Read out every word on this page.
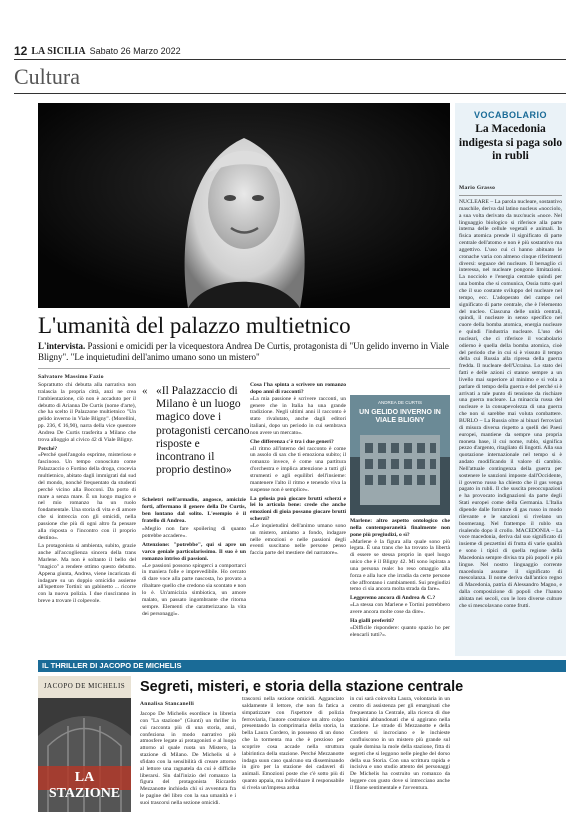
12 LA SICILIA Sabato 26 Marzo 2022
Cultura
VOCABOLARIO
La Macedonia indigesta si paga solo in rubli
Mario Grasso
NUCLEARE – La parola nucleare, sostantivo maschile, deriva dal latino nucleus «nocciolo, a sua volta derivato da nux/nucis «noce. Nel linguaggio biologico si riferisce alla parte interna delle cellule vegetali e animali. In fisica atomica prende il significato di parte centrale dell'atomo e non è più sostantivo ma aggettivo. L'uso cui ci hanno abituato le cronache varia con almeno cinque riferimenti diversi: seguace del nucleare. Il bersaglio ci interessa, nel nucleare pongono limitazioni. La nocciolo e l'energia centrale quindi per una bomba che si comunica, Ossia tutto quel che il suo costante sviluppo del nucleare nel tempo, ecc. L'adoperato del campo nel significato di parte centrale, che è l'elemento del nucleo. Ciascuna delle unità centrali, quindi, il nucleare in senso specifico nel cuore della bomba atomica, energia nucleare e quindi l'industria nucleare. L'uso dei nucleari, che ci riferisce il vocabolario odierno è quella della bomba atomica, cioè del periodo che in cui si è vissuto il tempo della cui Russia alla ripresa della guerra fredda. Il nucleare dell'Ucraina. Lo stato dei fatti e delle azioni ci stanno sempre a un livello mai superiore al minimo e si vola a parlare di tempo della guerra e del perché si è arrivati a tale punto di tensione da rischiare una guerra nucleare. La minaccia russa del nucleare e la consapevolezza di una guerra che non si sarebbe mai voluta combattere. BURLO – La Russia oltre ai binari ferroviari di misura diversa rispetto a quelli dei Paesi europei, mantiene da sempre una propria moneta base, il cui nome, rublo, significa pezzo d'argento, ritagliato di lingotti. Alla sua quotazione internazionale nel tempo si è andato modificando il valore di cambio. Nell'attuale contingenza della guerra per sostenere le sanzioni imposte dall'Occidente, il governo russo ha chiesto che il gas venga pagato in rubli. Il che suscita preoccupazioni e ha provocato indignazioni da parte degli Stati europei come della Germania. L'Italia dipende dalle forniture di gas russo in modo rilevante e le sanzioni si rivelano un boomerang. Nel frattempo il rublo sta risalendo dopo il crollo. MACEDONIA – La voce macedonia, deriva dal suo significato di insieme di pezzettini di frutta di varie qualità e sono i tipici di quella regione della Macedonia sempre divisa tra più popoli e più lingue. Nel nostro linguaggio corrente macedonia assume il significato di mescolanza. Il nome deriva dall'antico regno di Macedonia, patria di Alessandro Magno, e dalla composizione di popoli che l'hanno abitata nei secoli, con le loro diverse culture che si mescolavano come frutti.
L'umanità del palazzo multietnico
L'intervista. Passioni e omicidi per la vicequestora Andrea De Curtis, protagonista di "Un gelido inverno in Viale Bligny". "Le inquietudini dell'animo umano sono un mistero"
Salvatore Massimo Fazio

Soprattutto chi debutta alla narrativa non tralascia la propria città, anzi ne crea l'ambientazione, ciò non è accaduto per il debutto di Arianna De Curtis (nome d'arte), che ha scelto il Palazzone multietnico "Un gelido inverno in Viale Bligny". (Morellini, pp. 236, € 16,90), narra della vice questore Andrea De Curtis trasferita a Milano che trova alloggio al civico 42 di Viale Bligny.

Perché?

«Perché quell'angolo esprime, misterioso e fascinoso. Un tempo conosciuto come Palazzaccio o Fortino della droga, crocevia multietnico, abitato dagli immigrati dal sud del mondo, nonché frequentato da studenti perché vicino alla Bocconi. Da porto di mare a senza mare. È un luogo magico e nel mio romanzo ha un ruolo fondamentale. Una storia di vita e di amore che si intreccia con gli omicidi, nella passione che più di ogni altro fa pensare alla risposta o l'incontro con il proprio destino».

La protagonista si ambienta, subito, grazie anche all'accoglienza sincera della trans Marlene. Ma non è soltanto il bello del "magico" a rendere ottimo questo debutto. Appena giunta, Andrea, viene incaricata di indagare su un doppio omicidio assieme all'ispettore Tortini: un gabinetto ... ricorre con la nuova polizia. I due riusciranno in breve a trovare il colpevole.

« «Il Palazzaccio di Milano è un luogo magico dove i protagonisti cercano risposte e incontrano il proprio destino»

Scheletri nell'armadio, angosce, amicizie forti, affermano il genere della De Curtis, ben lontano dal solito. L'esempio è il fratello di Andrea.

«Meglio non fare spoilering di quanto potrebbe accadere».

Attenzione: "potrebbe", qui si apre un varco geniale particolarissimo. Il suo è un romanzo intriso di passioni.

«Le passioni possono spingerci a comportarci in maniera folle e imprevedibile. Ho cercato di dare voce alla parte nascosta, ho provato a ribaltare quello che credono sia scontato e non lo è. Un'amicizia simbiotica, un amore malato, un passato ingombrante che ritorna sempre. Elementi che caratterizzano la vita dei personaggi».

Cosa l'ha spinta a scrivere un romanzo dopo anni di racconti?

«La mia passione è scrivere racconti, un genere che in Italia ha una grande tradizione. Negli ultimi anni il racconto è stato rivalutato, anche dagli editori italiani, dopo un periodo in cui sembrava non avere un mercato».

Che differenza c'è tra i due generi?

«Il ritmo all'interno del racconto è come un assolo di sax che ti emoziona subito; il romanzo invece, è come una partitura d'orchestra e implica attenzione a tutti gli strumenti e agli equilibri dell'insieme: mantenere l'alto il ritmo e tenendo viva la suspense non è semplice».

La gelosia può giocare brutti scherzi e lei lo articola bene: crede che anche emozioni di gioia possano giocare brutti scherzi?

«Le inquietudini dell'animo umano sono un mistero, amiamo a fondo, indagare nelle emozioni e nelle passioni degli eventi suscitano nelle persone penso faccia parte del mestiere del narratore».

ANDREA DE CURTIS
UN GELIDO INVERNO IN VIALE BLIGNY
Marlene: altro aspetto ontologico che nella contemporaneità finalmente non pone più pregiudizi, o sì?

«Marlene è la figura alla quale sono più legata. È una trans che ha trovato la libertà di essere se stessa proprio in quel luogo unico che è il Bligny 42. Mi sono ispirata a una persona reale: ho reso omaggio alla forza e alla luce che irradia da certe persone che affrontano i cambiamenti. Sui pregiudizi temo ci sia ancora molta strada da fare».

Leggeremo ancora di Andrea & C.?

«La stessa con Marlene e Tortini potrebbero avere ancora molte cose da dire».

Ha gialli preferiti?

«Difficile rispondere: quanto spazio ho per elencarli tutti?».

IL THRILLER DI JACOPO DE MICHELIS
JACOPO DE MICHELIS
LA STAZIONE
Segreti, misteri, e storia della stazione centrale
Annalisa Stancanelli

Jacopo De Michelis esordisce in libreria con "La stazione" (Giunti) un thriller in cui racconta più di una storia, anzi, confeziona in modo narrativo più atmosfere legate ai protagonisti e al luogo attorno al quale ruota un Mistero, la stazione di Milano. De Michelis si è sfidato con la sensibilità di creare attorno al lettore una ragnatela da cui è difficile liberarsi. Sin dall'inizio del romanzo la figura del protagonista Riccardo Mezzanotte inchioda chi si avventura fra le pagine del libro con la sua umanità e i suoi trascorsi nella sezione omicidi.

trascorsi nella sezione omicidi. Agganciato saldamente il lettore, che non fa fatica a simpatizzare con l'ispettore di polizia ferroviaria, l'autore costruisce un altro colpo presentando la comprimaria della storia, la bella Laura Cordero, in possesso di un dono che la tormenta ma che è prezioso per scoprire cosa accade nella struttura labirintica della stazione. Perché Mezzanotte indaga suun caso qualcuno sta disseminando in giro per la stazione dei cadaveri di animali. Emozioni poste che c'è sotto più di quanto appaia, ma individuare il responsabile si rivela un'impresa ardua

in cui sarà coinvolta Laura, volontaria in un centro di assistenza per gli emarginati che frequentano la Centrale, alla ricerca di due bambini abbandonati che si aggirano nella stazione. Le strade di Mezzanotte e della Cordero si incrociano e le inchieste confluiscono in un mistero più grande sul quale domina la mole della stazione, fitta di segreti che si leggono nelle pieghe del dorso della sua Storia. Con una scrittura rapida e incisiva e uno studio attento dei personaggi De Michelis ha costruito un romanzo da leggere con gusto dove si intrecciano anche il filone sentimentale e l'avventura.
